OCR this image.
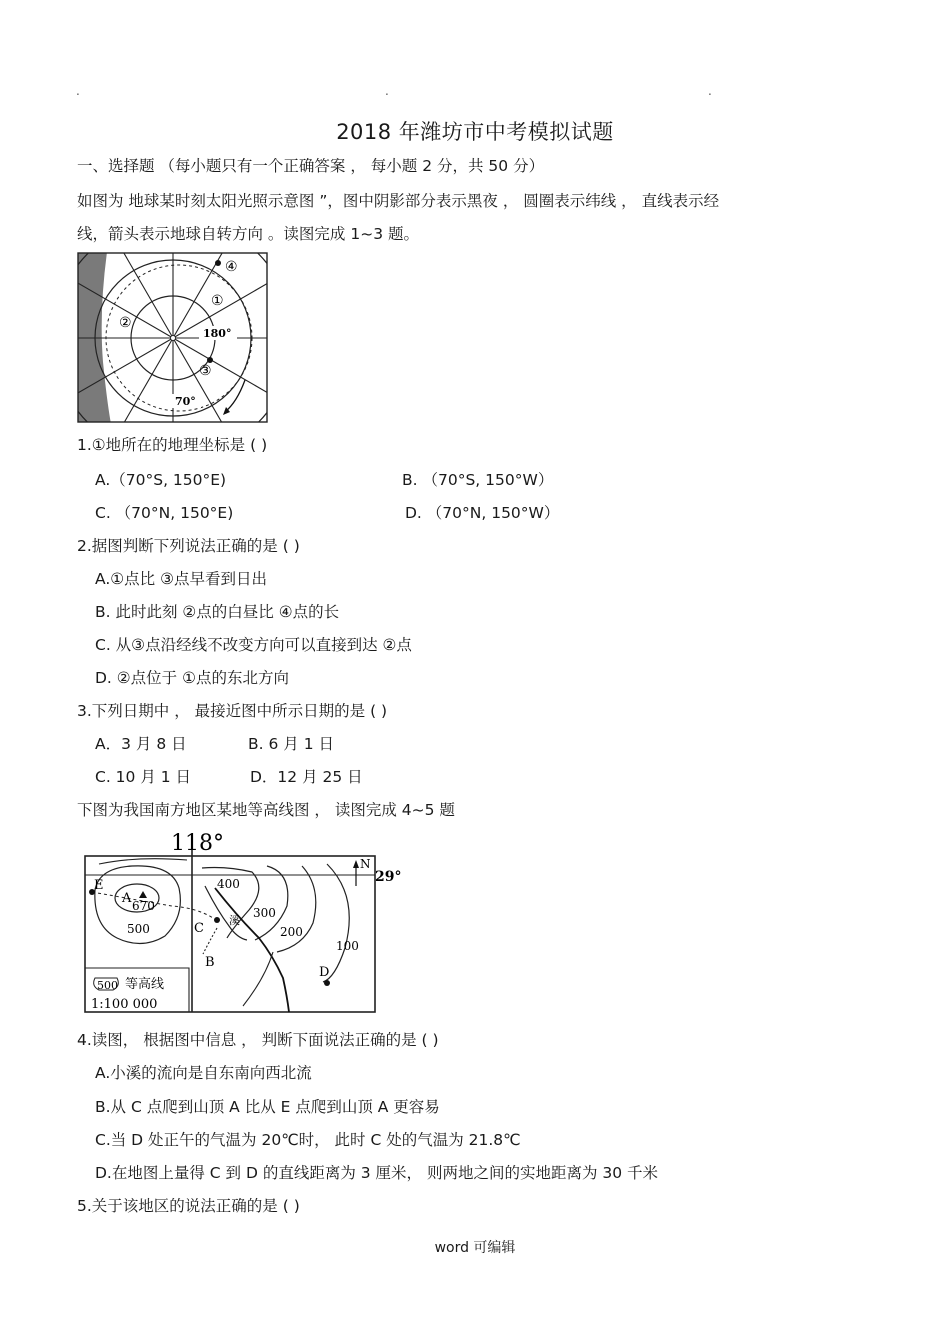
.	.	.
2018 年潍坊市中考模拟试题
一、选择题 （每小题只有一个正确答案 ， 每小题 2 分，共 50 分）
如图为 地球某时刻太阳光照示意图 ”，图中阴影部分表示黑夜 ， 圆圈表示纬线 ， 直线表示经
线，箭头表示地球自转方向 。读图完成 1~3 题。
④
①
②
③
180°
70°
1.①地所在的地理坐标是 ( )
A.（70°S, 150°E)	B. （70°S, 150°W）
C. （70°N, 150°E)	D. （70°N, 150°W）
2.据图判断下列说法正确的是 ( )
A.①点比 ③点早看到日出
B. 此时此刻 ②点的白昼比 ④点的长
C. 从③点沿经线不改变方向可以直接到达 ②点
D. ②点位于 ①点的东北方向
3.下列日期中 ， 最接近图中所示日期的是 ( )
A．3 月 8 日	B. 6 月 1 日
C. 10 月 1 日	D．12 月 25 日
下图为我国南方地区某地等高线图 ， 读图完成 4~5 题
118°
29°
N
E
A 670
500
400
300
200
100
溪
C
B
D
500 等高线
1:100 000
4.读图， 根据图中信息 ， 判断下面说法正确的是 ( )
A.小溪的流向是自东南向西北流
B.从 C 点爬到山顶 A 比从 E 点爬到山顶 A 更容易
C.当 D 处正午的气温为 20℃时， 此时 C 处的气温为 21.8℃
D.在地图上量得 C 到 D 的直线距离为 3 厘米， 则两地之间的实地距离为 30 千米
5.关于该地区的说法正确的是 ( )
word 可编辑
